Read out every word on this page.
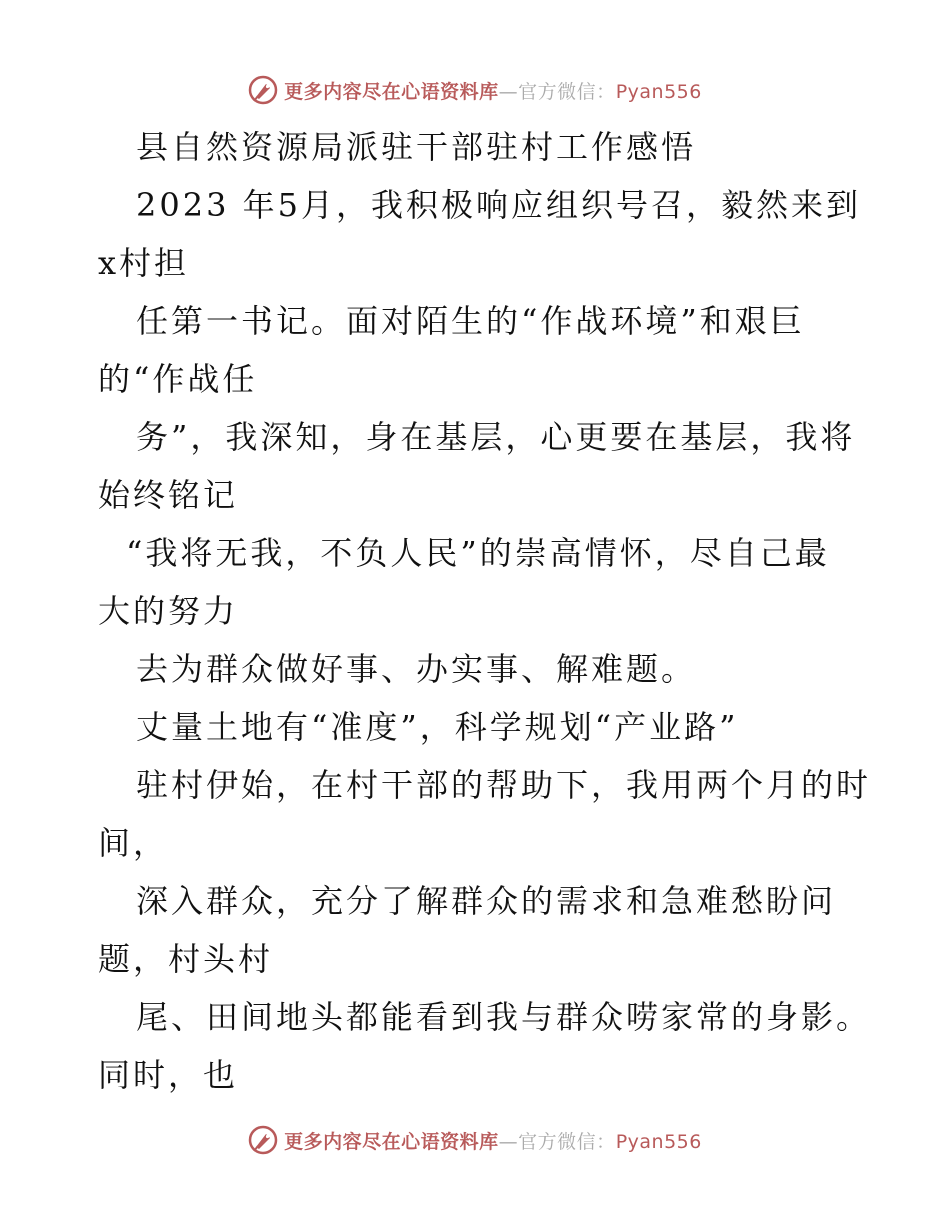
更多内容尽在心语资料库—官方微信：Pyan556
县自然资源局派驻干部驻村工作感悟
2023 年5月，我积极响应组织号召，毅然来到
x村担
任第一书记。面对陌生的“作战环境”和艰巨
的“作战任
务”，我深知，身在基层，心更要在基层，我将
始终铭记
“我将无我，不负人民”的崇高情怀，尽自己最
大的努力
去为群众做好事、办实事、解难题。
丈量土地有“准度”，科学规划“产业路”
驻村伊始，在村干部的帮助下，我用两个月的时
间，
深入群众，充分了解群众的需求和急难愁盼问
题，村头村
尾、田间地头都能看到我与群众唠家常的身影。
同时，也
更多内容尽在心语资料库—官方微信：Pyan556
